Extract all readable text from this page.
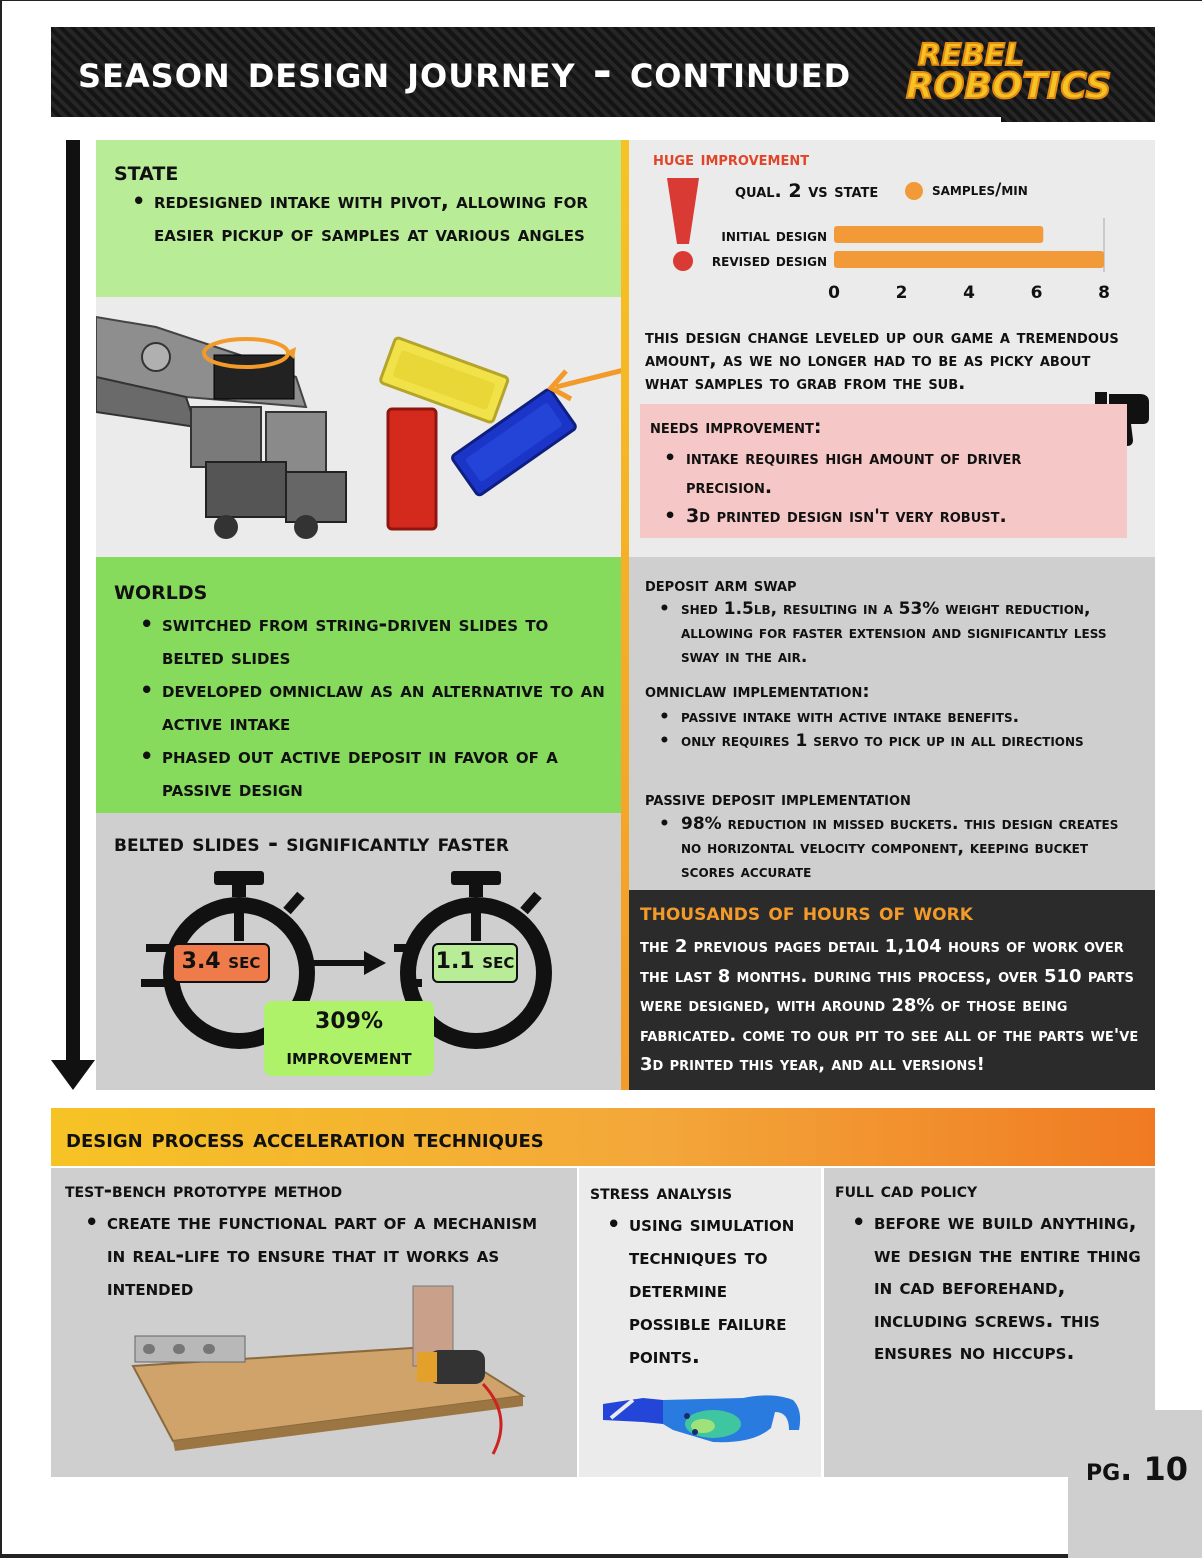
season design journey - continued REBEL
ROBOTICS
state
• redesigned intake with pivot, allowing for easier pickup of samples at various angles
worlds
• switched from string-driven slides to belted slides
• developed omniclaw as an alternative to an active intake
• phased out active deposit in favor of a passive design
belted slides - significantly faster
3.4 sec	1.1 sec
309%
improvement
huge improvement
qual. 2 vs state	samples/min
0	2	4	6	8
initial design
revised design
this design change leveled up our game a tremendous amount, as we no longer had to be as picky about what samples to grab from the sub.
needs improvement:
• intake requires high amount of driver precision.
• 3d printed design isn't very robust.
deposit arm swap
• shed 1.5lb, resulting in a 53% weight reduction, allowing for faster extension and significantly less sway in the air.
omniclaw implementation:
• passive intake with active intake benefits.
• only requires 1 servo to pick up in all directions
passive deposit implementation
• 98% reduction in missed buckets. this design creates no horizontal velocity component, keeping bucket scores accurate
thousands of hours of work
the 2 previous pages detail 1,104 hours of work over the last 8 months. during this process, over 510 parts were designed, with around 28% of those being fabricated. come to our pit to see all of the parts we've 3d printed this year, and all versions!
design process acceleration techniques
test-bench prototype method
• create the functional part of a mechanism in real-life to ensure that it works as intended
stress analysis
• using simulation techniques to determine possible failure points.
full cad policy
• before we build anything, we design the entire thing in cad beforehand, including screws. this ensures no hiccups.
pg. 10
